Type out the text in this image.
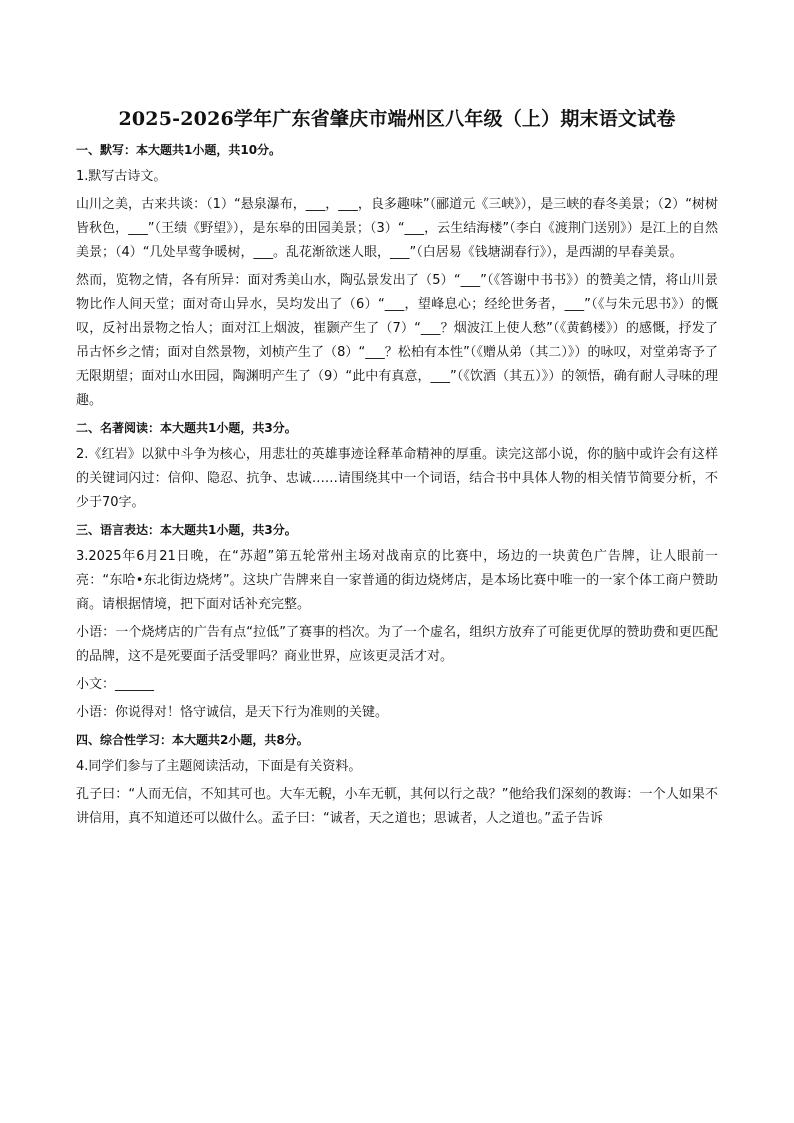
2025-2026学年广东省肇庆市端州区八年级（上）期末语文试卷
一、默写：本大题共1小题，共10分。

1.默写古诗文。

山川之美，古来共谈：（1）“悬泉瀑布，___，___，良多趣味”（郦道元《三峡》），是三峡的春冬美景；（2）“树树皆秋色，___”（王绩《野望》），是东皋的田园美景；（3）“___，云生结海楼”（李白《渡荆门送别》）是江上的自然美景；（4）“几处早莺争暖树，___。乱花渐欲迷人眼，___”（白居易《钱塘湖春行》），是西湖的早春美景。

然而，览物之情，各有所异：面对秀美山水，陶弘景发出了（5）“___”（《答谢中书书》）的赞美之情，将山川景物比作人间天堂；面对奇山异水，吴均发出了（6）“___，望峰息心；经纶世务者，___”（《与朱元思书》）的慨叹，反衬出景物之怡人；面对江上烟波，崔颢产生了（7）“___？烟波江上使人愁”（《黄鹤楼》）的感慨，抒发了吊古怀乡之情；面对自然景物，刘桢产生了（8）“___？松柏有本性”（《赠从弟（其二）》）的咏叹，对堂弟寄予了无限期望；面对山水田园，陶渊明产生了（9）“此中有真意，___”（《饮酒（其五）》）的领悟，确有耐人寻味的理趣。

二、名著阅读：本大题共1小题，共3分。

2.《红岩》以狱中斗争为核心，用悲壮的英雄事迹诠释革命精神的厚重。读完这部小说，你的脑中或许会有这样的关键词闪过：信仰、隐忍、抗争、忠诚……请围绕其中一个词语，结合书中具体人物的相关情节简要分析，不少于70字。

三、语言表达：本大题共1小题，共3分。

3.2025年6月21日晚，在“苏超”第五轮常州主场对战南京的比赛中，场边的一块黄色广告牌，让人眼前一亮：“东哈•东北街边烧烤”。这块广告牌来自一家普通的街边烧烤店，是本场比赛中唯一的一家个体工商户赞助商。请根据情境，把下面对话补充完整。

小语：一个烧烤店的广告有点“拉低”了赛事的档次。为了一个虚名，组织方放弃了可能更优厚的赞助费和更匹配的品牌，这不是死要面子活受罪吗？商业世界，应该更灵活才对。

小文：______

小语：你说得对！恪守诚信，是天下行为准则的关键。

四、综合性学习：本大题共2小题，共8分。

4.同学们参与了主题阅读活动，下面是有关资料。

孔子曰：“人而无信，不知其可也。大车无輗，小车无軏，其何以行之哉？”他给我们深刻的教诲：一个人如果不讲信用，真不知道还可以做什么。孟子曰：“诚者，天之道也；思诚者，人之道也。”孟子告诉
